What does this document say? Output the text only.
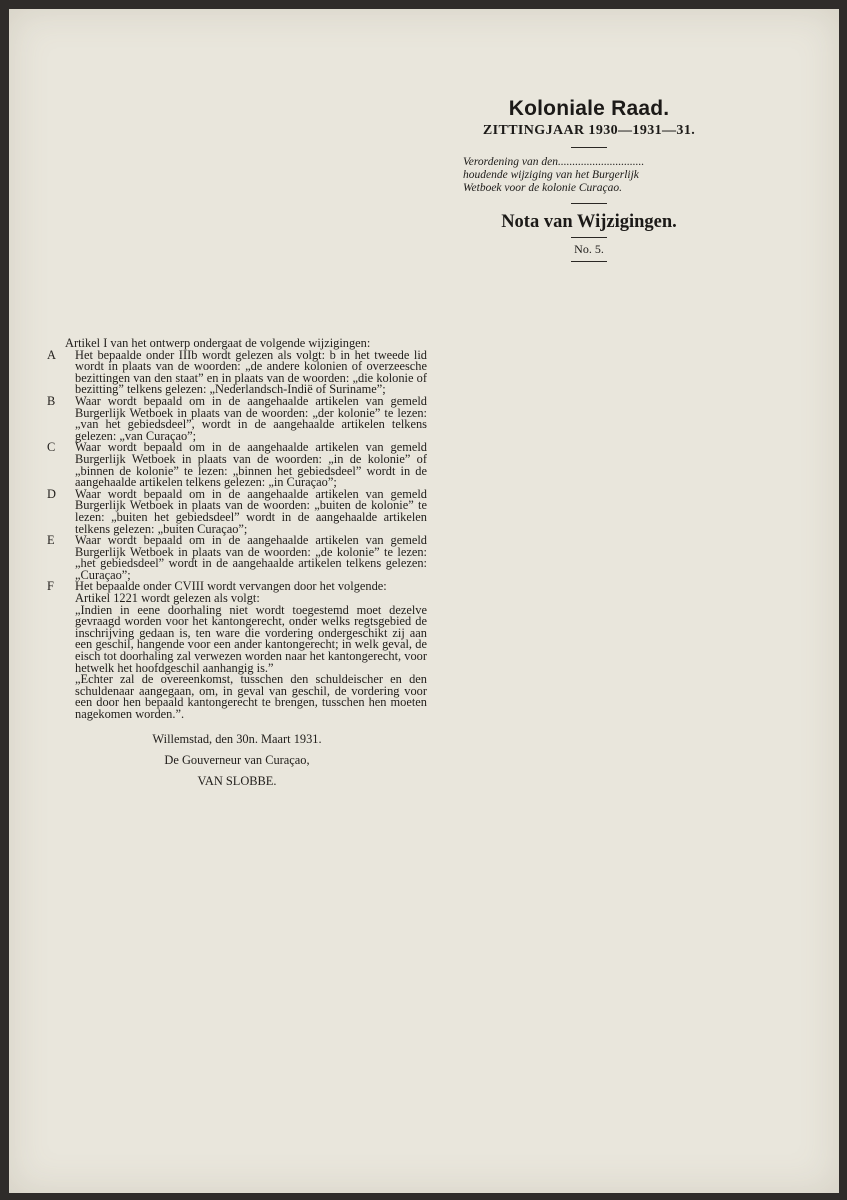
Koloniale Raad.
ZITTINGJAAR 1930—1931—31.
Verordening van den..............................
houdende wijziging van het Burgerlijk
Wetboek voor de kolonie Curaçao.
Nota van Wijzigingen.
No. 5.
Artikel I van het ontwerp ondergaat de volgende wijzigingen:
A	Het bepaalde onder IIIb wordt gelezen als volgt: b in het tweede lid wordt in plaats van de woorden: „de andere kolonien of overzeesche bezittingen van den staat” en in plaats van de woorden: „die kolonie of bezitting” telkens gelezen: „Nederlandsch-Indië of Suriname”;
B	Waar wordt bepaald om in de aangehaalde artikelen van gemeld Burgerlijk Wetboek in plaats van de woorden: „der kolonie” te lezen: „van het gebiedsdeel”, wordt in de aangehaalde artikelen telkens gelezen: „van Curaçao”;
C	Waar wordt bepaald om in de aangehaalde artikelen van gemeld Burgerlijk Wetboek in plaats van de woorden: „in de kolonie” of „binnen de kolonie” te lezen: „binnen het gebiedsdeel” wordt in de aangehaalde artikelen telkens gelezen: „in Curaçao”;
D	Waar wordt bepaald om in de aangehaalde artikelen van gemeld Burgerlijk Wetboek in plaats van de woorden: „buiten de kolonie” te lezen: „buiten het gebiedsdeel” wordt in de aangehaalde artikelen telkens gelezen: „buiten Curaçao”;
E	Waar wordt bepaald om in de aangehaalde artikelen van gemeld Burgerlijk Wetboek in plaats van de woorden: „de kolonie” te lezen: „het gebiedsdeel” wordt in de aangehaalde artikelen telkens gelezen: „Curaçao”;
F	Het bepaalde onder CVIII wordt vervangen door het volgende:
Artikel 1221 wordt gelezen als volgt:
„Indien in eene doorhaling niet wordt toegestemd moet dezelve gevraagd worden voor het kantongerecht, onder welks regtsgebied de inschrijving gedaan is, ten ware die vordering ondergeschikt zij aan een geschil, hangende voor een ander kantongerecht; in welk geval, de eisch tot doorhaling zal verwezen worden naar het kantongerecht, voor hetwelk het hoofdgeschil aanhangig is.”
„Echter zal de overeenkomst, tusschen den schuldeischer en den schuldenaar aangegaan, om, in geval van geschil, de vordering voor een door hen bepaald kantongerecht te brengen, tusschen hen moeten nagekomen worden.”.
Willemstad, den 30n. Maart 1931.
De Gouverneur van Curaçao,
VAN SLOBBE.
